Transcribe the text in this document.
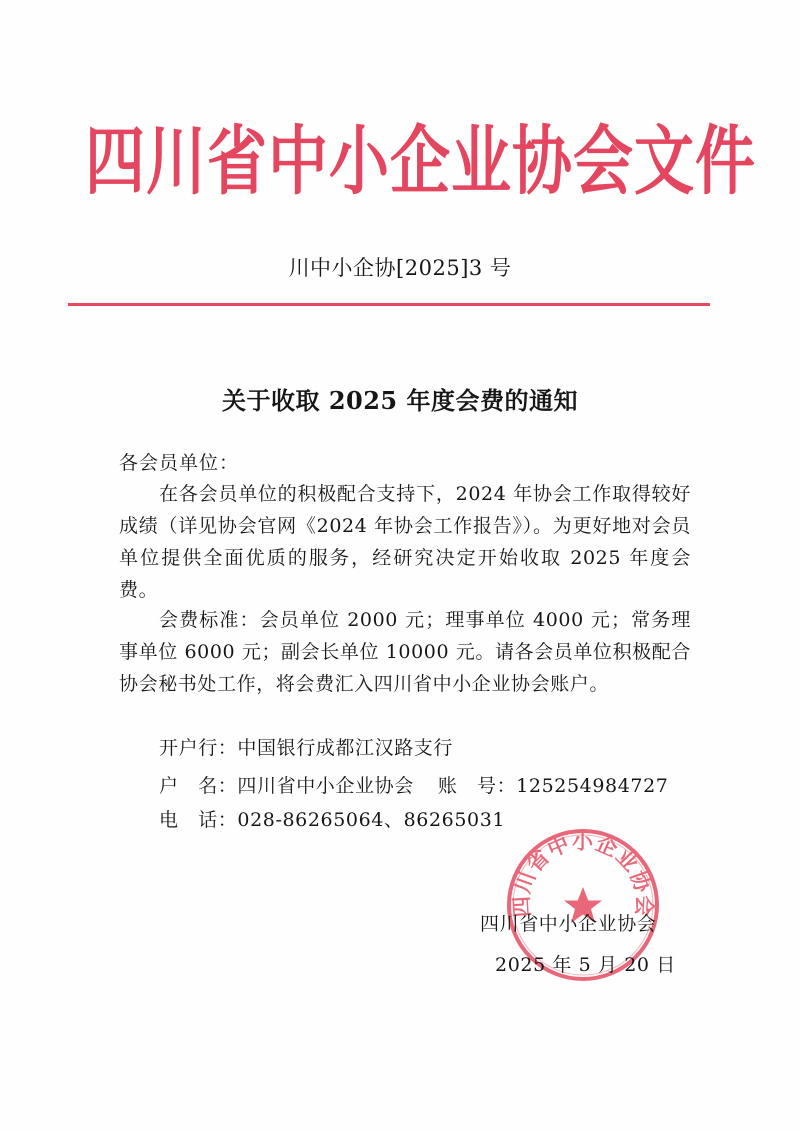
四川省中小企业协会文件
川中小企协[2025]3 号
关于收取 2025 年度会费的通知
各会员单位：
在各会员单位的积极配合支持下，2024 年协会工作取得较好成绩（详见协会官网《2024 年协会工作报告》）。为更好地对会员单位提供全面优质的服务，经研究决定开始收取 2025 年度会费。
会费标准：会员单位 2000 元；理事单位 4000 元；常务理事单位 6000 元；副会长单位 10000 元。请各会员单位积极配合协会秘书处工作，将会费汇入四川省中小企业协会账户。
开户行：中国银行成都江汉路支行
户　名：四川省中小企业协会 账　号：125254984727
电　话：028-86265064、86265031
四川省中小企业协会
四川省中小企业协会
2025 年 5 月 20 日
